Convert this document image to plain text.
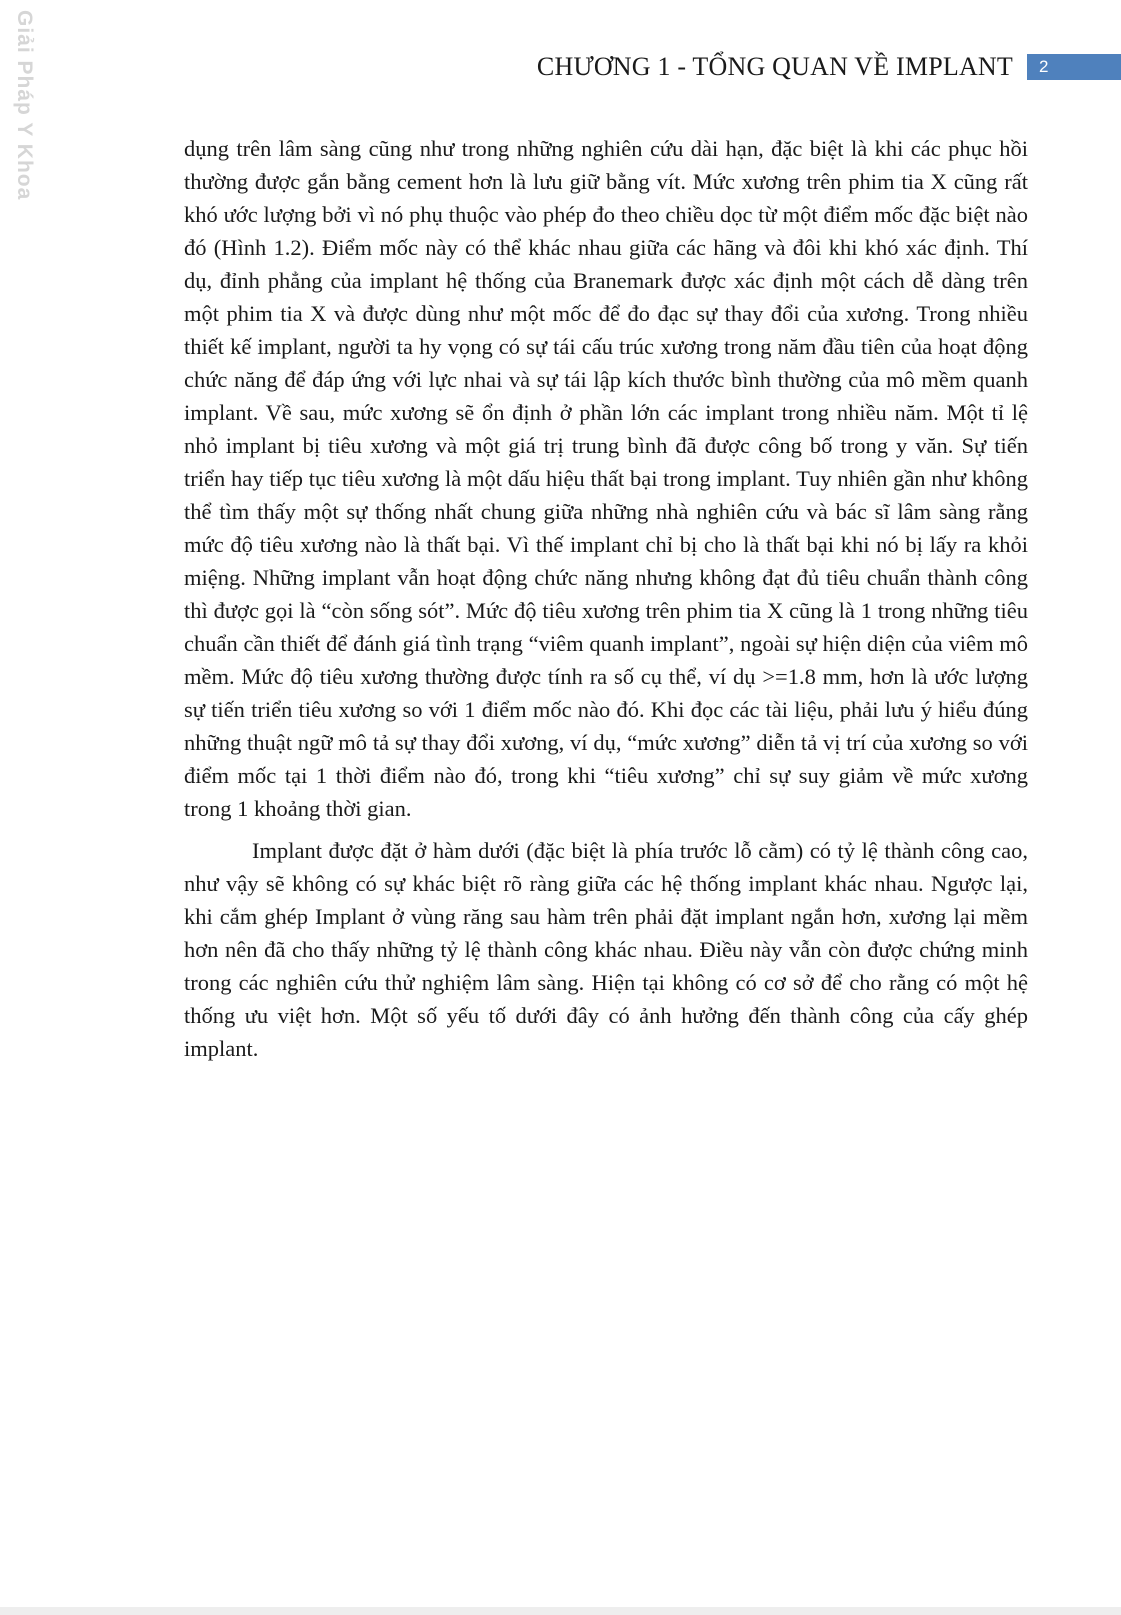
Giải Pháp Y Khoa	CHƯƠNG 1 - TỔNG QUAN VỀ IMPLANT 2

dụng trên lâm sàng cũng như trong những nghiên cứu dài hạn, đặc biệt là khi các phục hồi thường được gắn bằng cement hơn là lưu giữ bằng vít. Mức xương trên phim tia X cũng rất khó ước lượng bởi vì nó phụ thuộc vào phép đo theo chiều dọc từ một điểm mốc đặc biệt nào đó (Hình 1.2). Điểm mốc này có thể khác nhau giữa các hãng và đôi khi khó xác định. Thí dụ, đỉnh phẳng của implant hệ thống của Branemark được xác định một cách dễ dàng trên một phim tia X và được dùng như một mốc để đo đạc sự thay đổi của xương. Trong nhiều thiết kế implant, người ta hy vọng có sự tái cấu trúc xương trong năm đầu tiên của hoạt động chức năng để đáp ứng với lực nhai và sự tái lập kích thước bình thường của mô mềm quanh implant. Về sau, mức xương sẽ ổn định ở phần lớn các implant trong nhiều năm. Một tỉ lệ nhỏ implant bị tiêu xương và một giá trị trung bình đã được công bố trong y văn. Sự tiến triển hay tiếp tục tiêu xương là một dấu hiệu thất bại trong implant. Tuy nhiên gần như không thể tìm thấy một sự thống nhất chung giữa những nhà nghiên cứu và bác sĩ lâm sàng rằng mức độ tiêu xương nào là thất bại. Vì thế implant chỉ bị cho là thất bại khi nó bị lấy ra khỏi miệng. Những implant vẫn hoạt động chức năng nhưng không đạt đủ tiêu chuẩn thành công thì được gọi là “còn sống sót”. Mức độ tiêu xương trên phim tia X cũng là 1 trong những tiêu chuẩn cần thiết để đánh giá tình trạng “viêm quanh implant”, ngoài sự hiện diện của viêm mô mềm. Mức độ tiêu xương thường được tính ra số cụ thể, ví dụ >=1.8 mm, hơn là ước lượng sự tiến triển tiêu xương so với 1 điểm mốc nào đó. Khi đọc các tài liệu, phải lưu ý hiểu đúng những thuật ngữ mô tả sự thay đổi xương, ví dụ, “mức xương” diễn tả vị trí của xương so với điểm mốc tại 1 thời điểm nào đó, trong khi “tiêu xương” chỉ sự suy giảm về mức xương trong 1 khoảng thời gian.

Implant được đặt ở hàm dưới (đặc biệt là phía trước lỗ cằm) có tỷ lệ thành công cao, như vậy sẽ không có sự khác biệt rõ ràng giữa các hệ thống implant khác nhau. Ngược lại, khi cắm ghép Implant ở vùng răng sau hàm trên phải đặt implant ngắn hơn, xương lại mềm hơn nên đã cho thấy những tỷ lệ thành công khác nhau. Điều này vẫn còn được chứng minh trong các nghiên cứu thử nghiệm lâm sàng. Hiện tại không có cơ sở để cho rằng có một hệ thống ưu việt hơn. Một số yếu tố dưới đây có ảnh hưởng đến thành công của cấy ghép implant.
